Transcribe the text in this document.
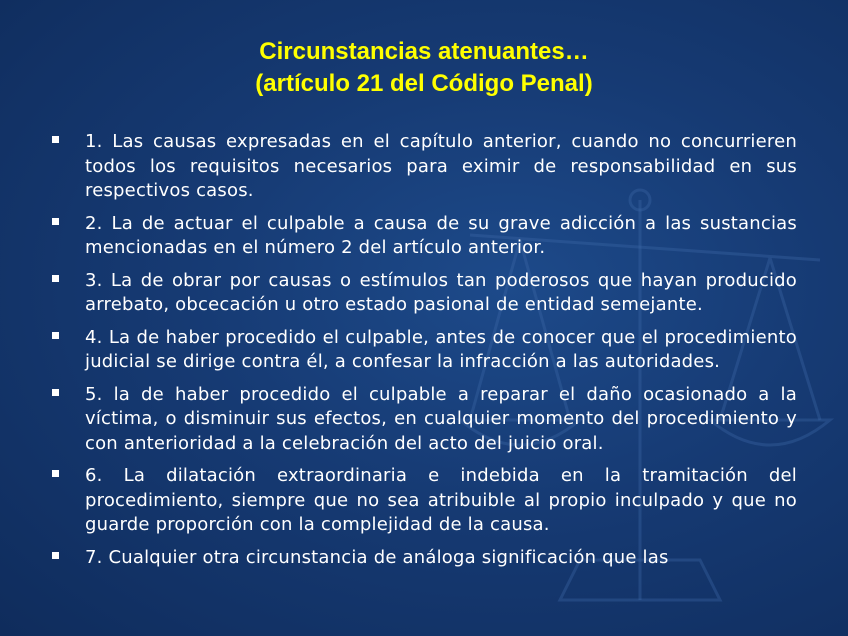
Circunstancias atenuantes…
(artículo 21 del Código Penal)
1. Las causas expresadas en el capítulo anterior, cuando no concurrieren todos los requisitos necesarios para eximir de responsabilidad en sus respectivos casos.
2. La de actuar el culpable a causa de su grave adicción a las sustancias mencionadas en el número 2 del artículo anterior.
3. La de obrar por causas o estímulos tan poderosos que hayan producido arrebato, obcecación u otro estado pasional de entidad semejante.
4. La de haber procedido el culpable, antes de conocer que el procedimiento judicial se dirige contra él, a confesar la infracción a las autoridades.
5. la de haber procedido el culpable a reparar el daño ocasionado a la víctima, o disminuir sus efectos, en cualquier momento del procedimiento y con anterioridad a la celebración del acto del juicio oral.
6. La dilatación extraordinaria e indebida en la tramitación del procedimiento, siempre que no sea atribuible al propio inculpado y que no guarde proporción con la complejidad de la causa.
7. Cualquier otra circunstancia de análoga significación que las
